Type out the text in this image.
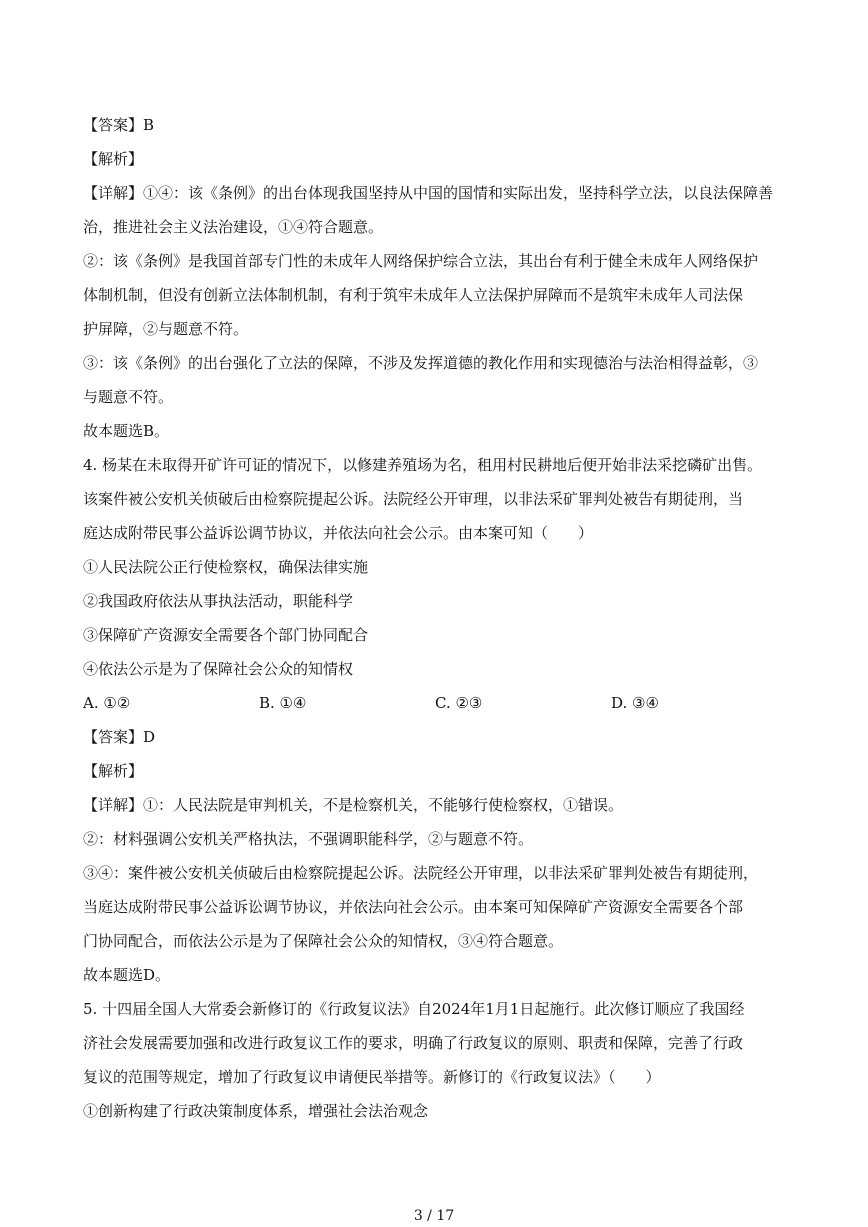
【答案】B
【解析】
【详解】①④：该《条例》的出台体现我国坚持从中国的国情和实际出发，坚持科学立法，以良法保障善
治，推进社会主义法治建设，①④符合题意。
②：该《条例》是我国首部专门性的未成年人网络保护综合立法，其出台有利于健全未成年人网络保护
体制机制，但没有创新立法体制机制，有利于筑牢未成年人立法保护屏障而不是筑牢未成年人司法保
护屏障，②与题意不符。
③：该《条例》的出台强化了立法的保障，不涉及发挥道德的教化作用和实现德治与法治相得益彰，③
与题意不符。
故本题选B。
4. 杨某在未取得开矿许可证的情况下，以修建养殖场为名，租用村民耕地后便开始非法采挖磷矿出售。
该案件被公安机关侦破后由检察院提起公诉。法院经公开审理，以非法采矿罪判处被告有期徒刑，当
庭达成附带民事公益诉讼调节协议，并依法向社会公示。由本案可知（　　）
①人民法院公正行使检察权，确保法律实施
②我国政府依法从事执法活动，职能科学
③保障矿产资源安全需要各个部门协同配合
④依法公示是为了保障社会公众的知情权
A. ①②	B. ①④	C. ②③	D. ③④
【答案】D
【解析】
【详解】①：人民法院是审判机关，不是检察机关，不能够行使检察权，①错误。
②：材料强调公安机关严格执法，不强调职能科学，②与题意不符。
③④：案件被公安机关侦破后由检察院提起公诉。法院经公开审理，以非法采矿罪判处被告有期徒刑，
当庭达成附带民事公益诉讼调节协议，并依法向社会公示。由本案可知保障矿产资源安全需要各个部
门协同配合，而依法公示是为了保障社会公众的知情权，③④符合题意。
故本题选D。
5. 十四届全国人大常委会新修订的《行政复议法》自2024年1月1日起施行。此次修订顺应了我国经
济社会发展需要加强和改进行政复议工作的要求，明确了行政复议的原则、职责和保障，完善了行政
复议的范围等规定，增加了行政复议申请便民举措等。新修订的《行政复议法》（　　）
①创新构建了行政决策制度体系，增强社会法治观念
3 / 17
